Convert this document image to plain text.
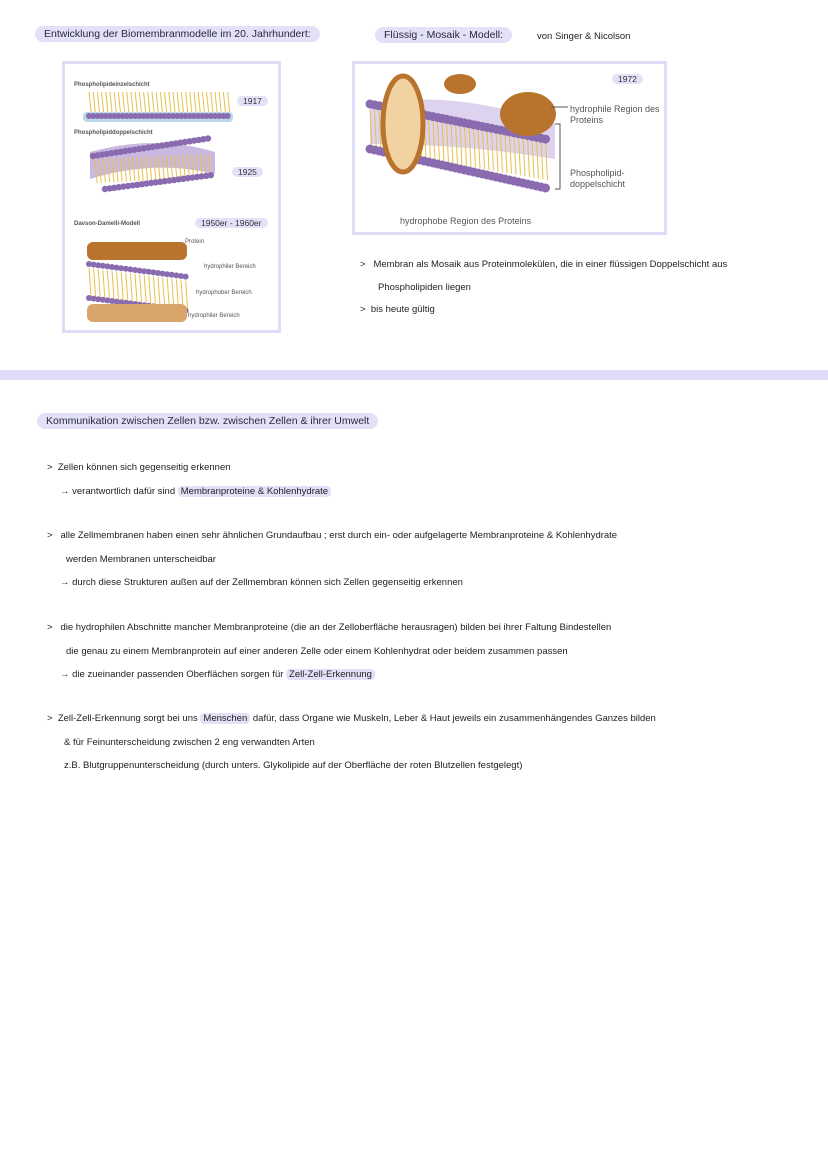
Entwicklung der Biomembranmodelle im 20. Jahrhundert:
Phospholipideinzelschicht
1917
Phospholipiddoppelschicht
1925
Davson-Danielli-Modell	1950er - 1960er
Protein
hydrophiler Bereich
hydrophober Bereich
hydrophiler Bereich
Flüssig - Mosaik - Modell:	von Singer & Nicolson
1972
hydrophile Region des Proteins
Phospholipid-doppelschicht
hydrophobe Region des Proteins
>   Membran als Mosaik aus Proteinmolekülen, die in einer flüssigen Doppelschicht aus
Phospholipiden liegen
>  bis heute gültig
Kommunikation zwischen Zellen bzw. zwischen Zellen & ihrer Umwelt
>  Zellen können sich gegenseitig erkennen
→ verantwortlich dafür sind Membranproteine & Kohlenhydrate
>   alle Zellmembranen haben einen sehr ähnlichen Grundaufbau ; erst durch ein- oder aufgelagerte Membranproteine & Kohlenhydrate
werden Membranen unterscheidbar
→ durch diese Strukturen außen auf der Zellmembran können sich Zellen gegenseitig erkennen
>   die hydrophilen Abschnitte mancher Membranproteine (die an der Zelloberfläche herausragen) bilden bei ihrer Faltung Bindestellen
die genau zu einem Membranprotein auf einer anderen Zelle oder einem Kohlenhydrat oder beidem zusammen passen
→ die zueinander passenden Oberflächen sorgen für Zell-Zell-Erkennung
>  Zell-Zell-Erkennung sorgt bei uns Menschen dafür, dass Organe wie Muskeln, Leber & Haut jeweils ein zusammenhängendes Ganzes bilden
& für Feinunterscheidung zwischen 2 eng verwandten Arten
z.B. Blutgruppenunterscheidung (durch unters. Glykolipide auf der Oberfläche der roten Blutzellen festgelegt)
